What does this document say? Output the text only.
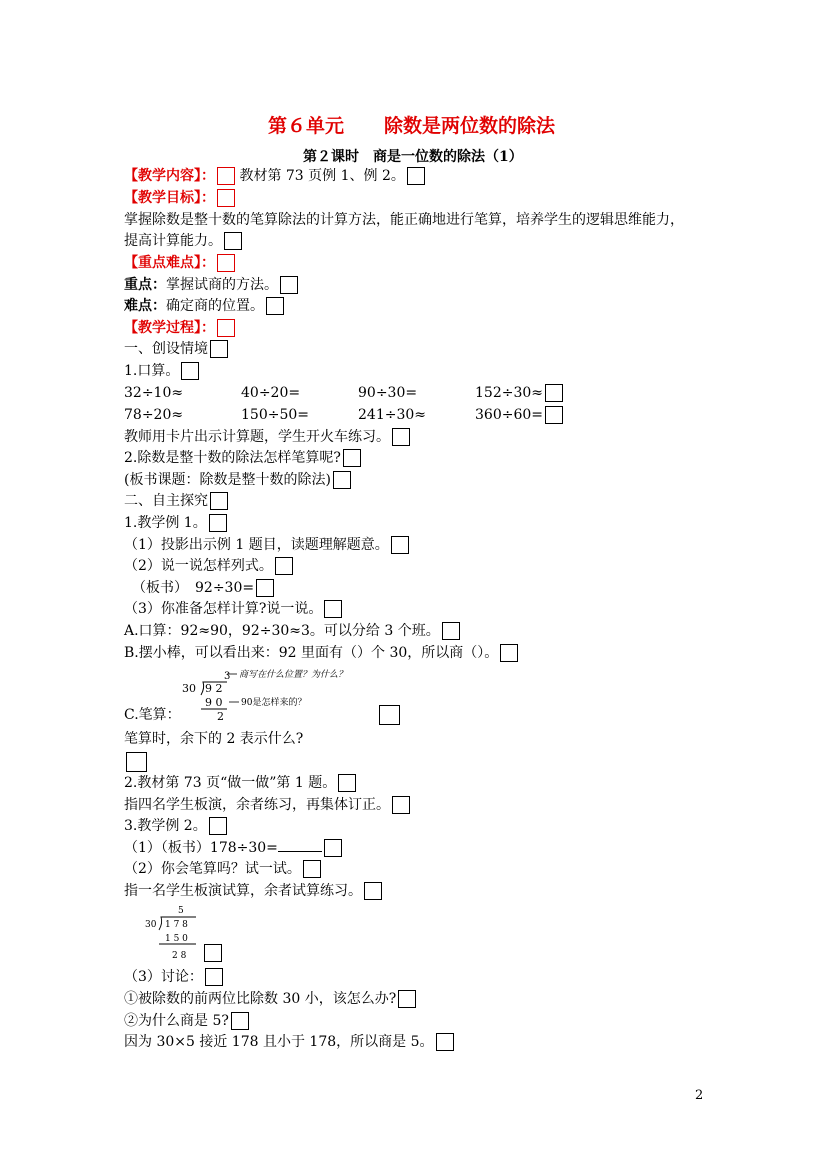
第６单元 除数是两位数的除法
第２课时　商是一位数的除法（1）
【教学内容】： 教材第 73 页例 1、例 2。
【教学目标】：
掌握除数是整十数的笔算除法的计算方法，能正确地进行笔算，培养学生的逻辑思维能力，
提高计算能力。
【重点难点】：
重点：掌握试商的方法。
难点：确定商的位置。
【教学过程】：
一、创设情境
1.口算。
32÷10≈	40÷20=	90÷30=	152÷30≈
78÷20≈	150÷50=	241÷30≈	360÷60=
教师用卡片出示计算题，学生开火车练习。
2.除数是整十数的除法怎样笔算呢?
(板书课题：除数是整十数的除法)
二、自主探究
1.教学例 1。
（1）投影出示例 1 题目，读题理解题意。
（2）说一说怎样列式。
（板书）　92÷30=
（3）你准备怎样计算?说一说。
A.口算：92≈90，92÷30≈3。可以分给 3 个班。
B.摆小棒，可以看出来：92 里面有（）个 30，所以商（）。
3
30 9 2
9 0
2
商写在什么位置？为什么？
90是怎样来的？
C.笔算：
笔算时，余下的 2 表示什么?
2.教材第 73 页“做一做”第 1 题。
指四名学生板演，余者练习，再集体订正。
3.教学例 2。
（1）（板书）178÷30=
（2）你会笔算吗？试一试。
指一名学生板演试算，余者试算练习。
5
30 1 7 8
1 5 0
2 8
（3）讨论：
①被除数的前两位比除数 30 小，该怎么办?
②为什么商是 5?
因为 30×5 接近 178 且小于 178，所以商是 5。
2
